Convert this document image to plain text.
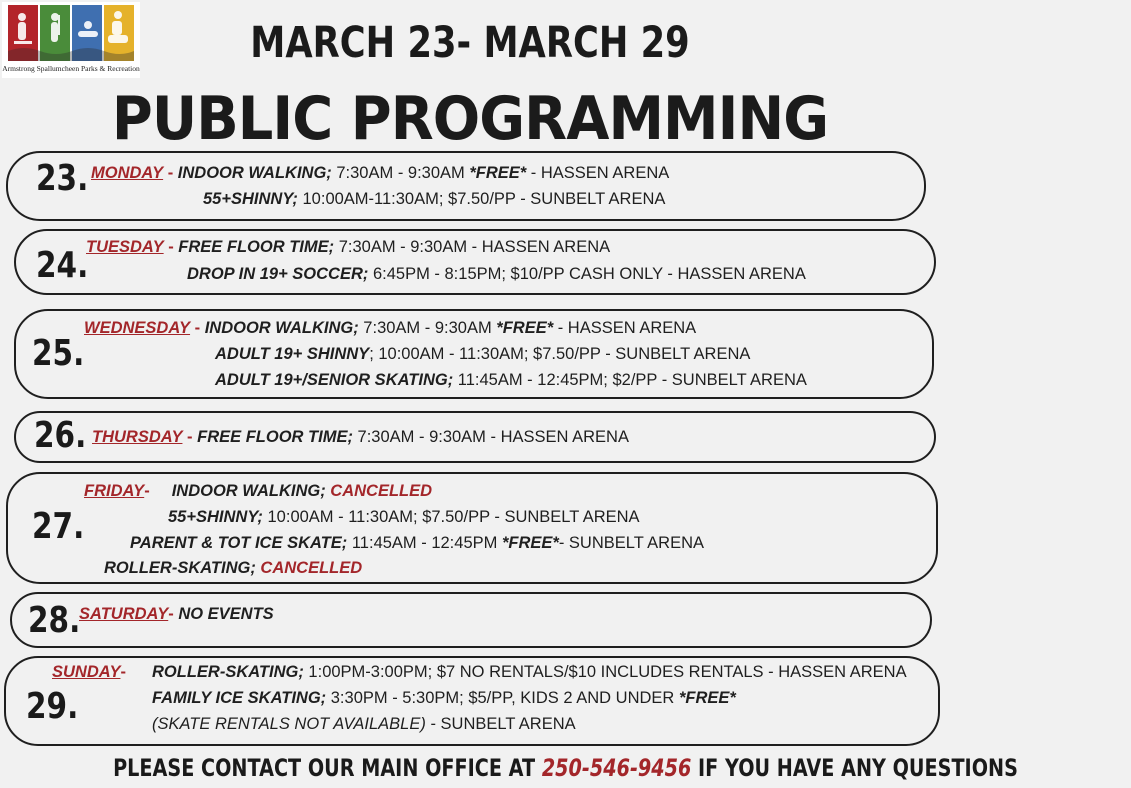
Armstrong Spallumcheen Parks & Recreation
MARCH 23- MARCH 29
PUBLIC PROGRAMMING
23. MONDAY - INDOOR WALKING; 7:30AM - 9:30AM *FREE* - HASSEN ARENA
55+SHINNY; 10:00AM-11:30AM; $7.50/PP - SUNBELT ARENA
24.
TUESDAY - FREE FLOOR TIME; 7:30AM - 9:30AM - HASSEN ARENA
DROP IN 19+ SOCCER; 6:45PM - 8:15PM; $10/PP CASH ONLY - HASSEN ARENA
25.
WEDNESDAY - INDOOR WALKING; 7:30AM - 9:30AM *FREE* - HASSEN ARENA
ADULT 19+ SHINNY; 10:00AM - 11:30AM; $7.50/PP - SUNBELT ARENA
ADULT 19+/SENIOR SKATING; 11:45AM - 12:45PM; $2/PP - SUNBELT ARENA
26. THURSDAY - FREE FLOOR TIME; 7:30AM - 9:30AM - HASSEN ARENA
27.
FRIDAY- INDOOR WALKING; CANCELLED
55+SHINNY; 10:00AM - 11:30AM; $7.50/PP - SUNBELT ARENA
PARENT & TOT ICE SKATE; 11:45AM - 12:45PM *FREE*- SUNBELT ARENA
ROLLER-SKATING; CANCELLED
28.
SATURDAY- NO EVENTS
29.
SUNDAY- ROLLER-SKATING; 1:00PM-3:00PM; $7 NO RENTALS/$10 INCLUDES RENTALS - HASSEN ARENA
FAMILY ICE SKATING; 3:30PM - 5:30PM; $5/PP, KIDS 2 AND UNDER *FREE*
(SKATE RENTALS NOT AVAILABLE) - SUNBELT ARENA
PLEASE CONTACT OUR MAIN OFFICE AT 250-546-9456 IF YOU HAVE ANY QUESTIONS
